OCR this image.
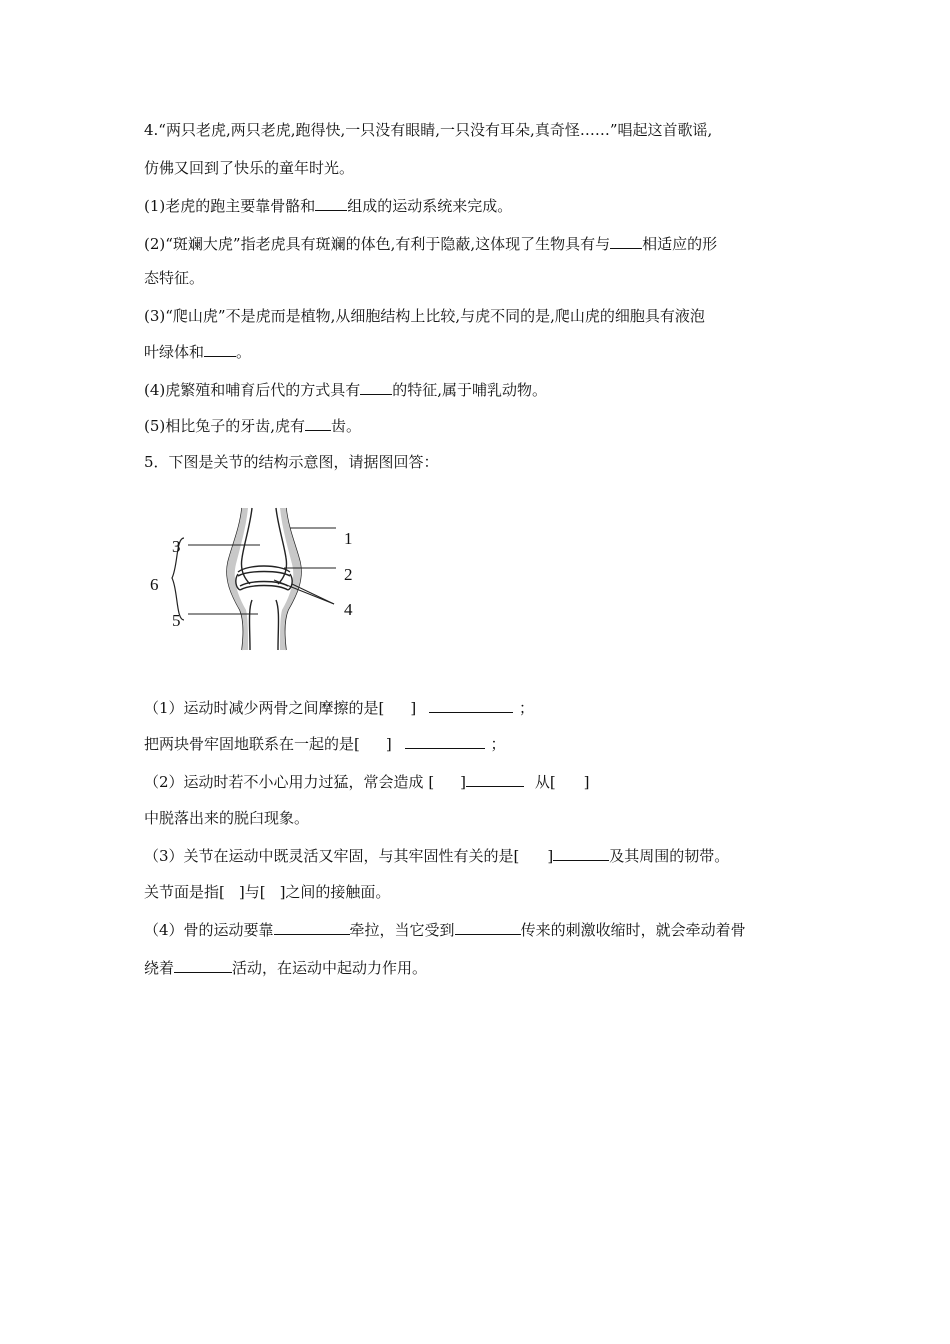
4.“两只老虎,两只老虎,跑得快,一只没有眼睛,一只没有耳朵,真奇怪……”唱起这首歌谣,
仿佛又回到了快乐的童年时光。
(1)老虎的跑主要靠骨骼和 组成的运动系统来完成。
(2)“斑斓大虎”指老虎具有斑斓的体色,有利于隐蔽,这体现了生物具有与 相适应的形
态特征。
(3)“爬山虎”不是虎而是植物,从细胞结构上比较,与虎不同的是,爬山虎的细胞具有液泡
叶绿体和 。
(4)虎繁殖和哺育后代的方式具有 的特征,属于哺乳动物。
(5)相比兔子的牙齿,虎有 齿。
5．下图是关节的结构示意图，请据图回答：
1
2
3
4
5
6
（1）运动时减少两骨之间摩擦的是[ ]	；
把两块骨牢固地联系在一起的是[ ]	；
（2）运动时若不小心用力过猛，常会造成 [ ]	从[ ]
中脱落出来的脱臼现象。
（3）关节在运动中既灵活又牢固，与其牢固性有关的是[ ]	及其周围的韧带。
关节面是指[ ]与[ ]之间的接触面。
（4）骨的运动要靠	牵拉，当它受到	传来的刺激收缩时，就会牵动着骨
绕着	活动，在运动中起动力作用。
